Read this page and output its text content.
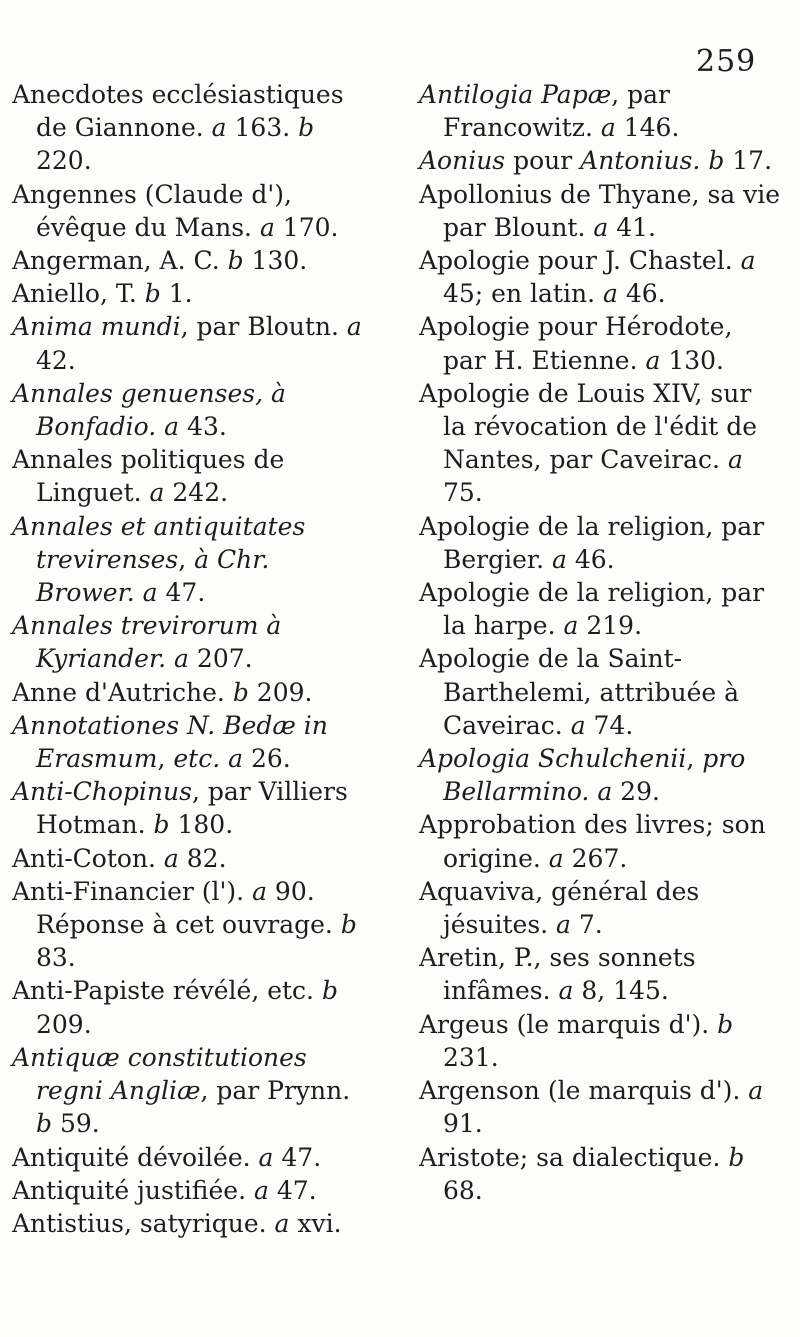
259

Anecdotes ecclésiastiques de Giannone. a 163. b 220.

Angennes (Claude d'), évêque du Mans. a 170.

Angerman, A. C. b 130.

Aniello, T. b 1.

Anima mundi, par Bloutn. a 42.

Annales genuenses, à Bonfadio. a 43.

Annales politiques de Linguet. a 242.

Annales et antiquitates trevirenses, à Chr. Brower. a 47.

Annales trevirorum à Kyriander. a 207.

Anne d'Autriche. b 209.

Annotationes N. Bedæ in Erasmum, etc. a 26.

Anti-Chopinus, par Villiers Hotman. b 180.

Anti-Coton. a 82.

Anti-Financier (l'). a 90. Réponse à cet ouvrage. b 83.

Anti-Papiste révélé, etc. b 209.

Antiquæ constitutiones regni Angliæ, par Prynn. b 59.

Antiquité dévoilée. a 47.

Antiquité justifiée. a 47.

Antistius, satyrique. a xvi.

Antilogia Papæ, par Francowitz. a 146.

Aonius pour Antonius. b 17.

Apollonius de Thyane, sa vie par Blount. a 41.

Apologie pour J. Chastel. a 45; en latin. a 46.

Apologie pour Hérodote, par H. Etienne. a 130.

Apologie de Louis XIV, sur la révocation de l'édit de Nantes, par Caveirac. a 75.

Apologie de la religion, par Bergier. a 46.

Apologie de la religion, par la harpe. a 219.

Apologie de la Saint-Barthelemi, attribuée à Caveirac. a 74.

Apologia Schulchenii, pro Bellarmino. a 29.

Approbation des livres; son origine. a 267.

Aquaviva, général des jésuites. a 7.

Aretin, P., ses sonnets infâmes. a 8, 145.

Argeus (le marquis d'). b 231.

Argenson (le marquis d'). a 91.

Aristote; sa dialectique. b 68.
